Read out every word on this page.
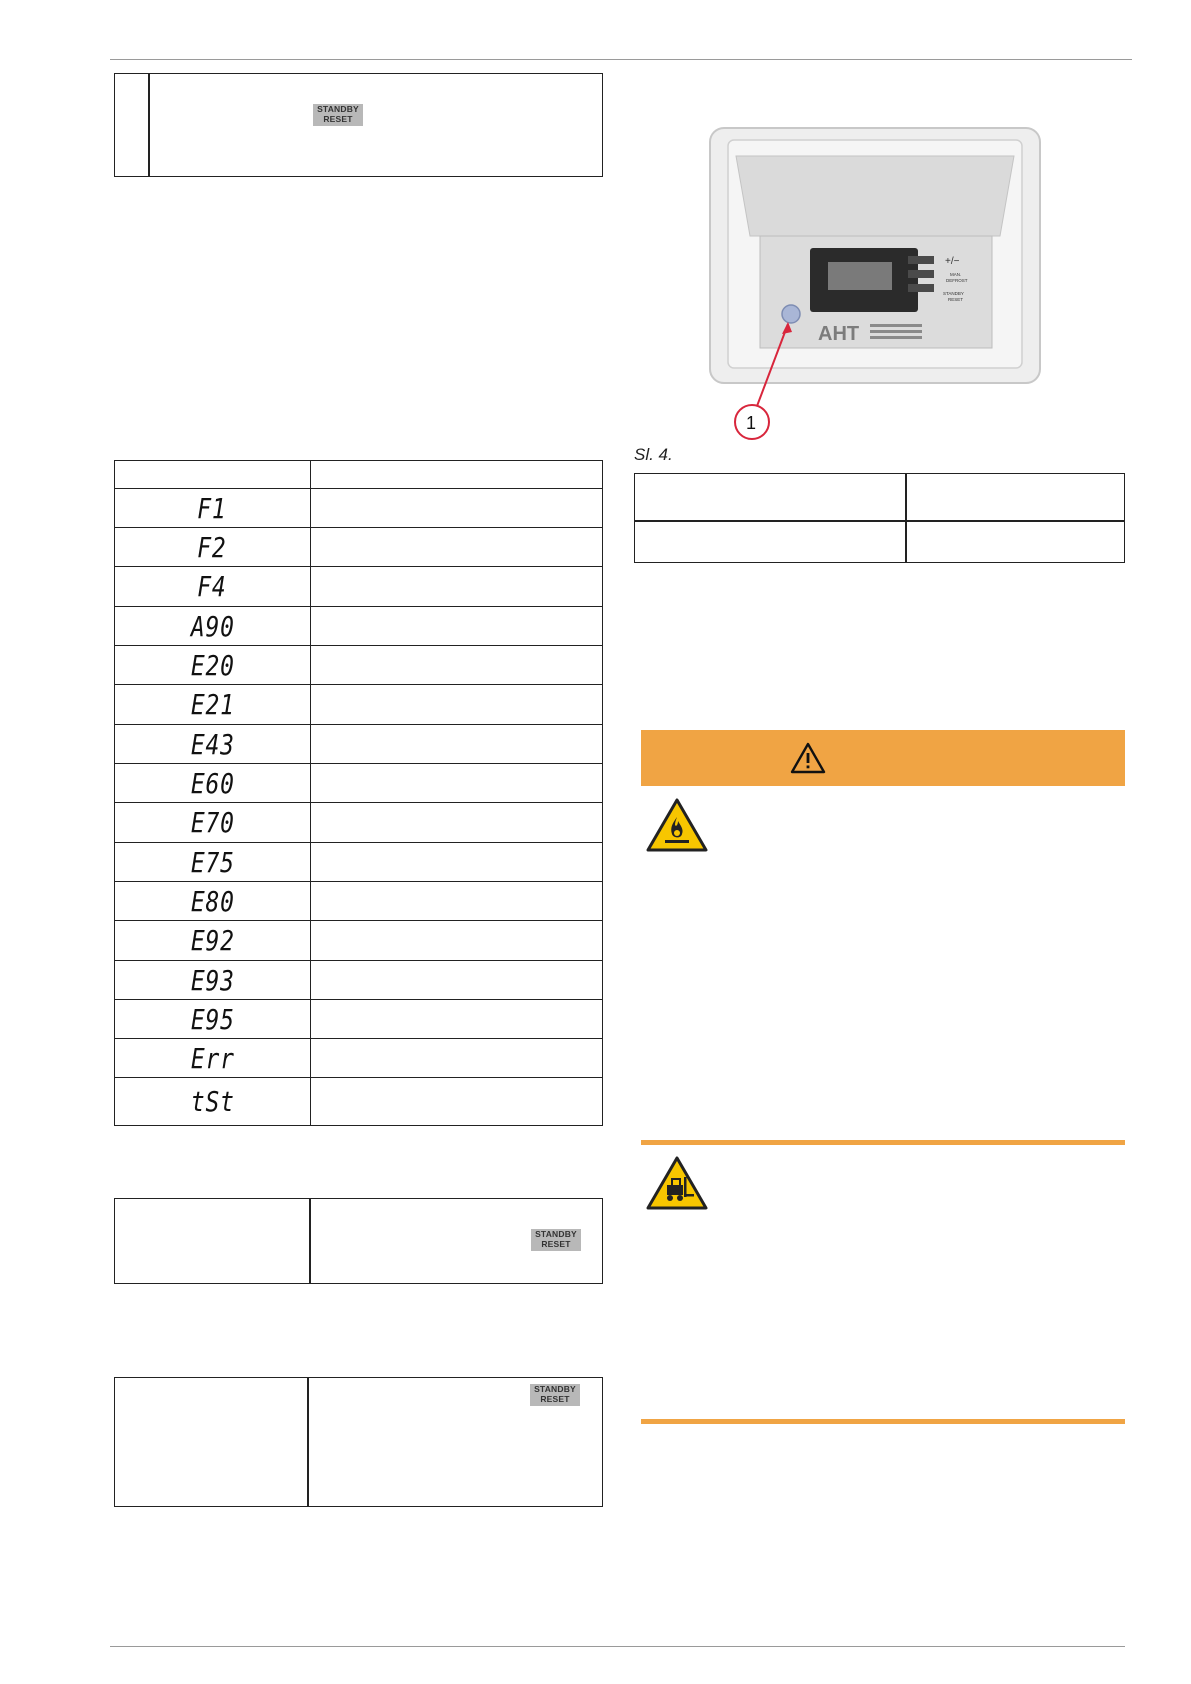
STANDBY
RESET

F1	
F2	
F4	
A90	
E20	
E21	
E43	
E60	
E70	
E75	
E80	
E92	
E93	
E95	
Err	
tSt	
STANDBY
RESET
STANDBY
RESET
+/−
MAN.
DEFROST
STANDBY
RESET
AHT
1
Sl. 4.
